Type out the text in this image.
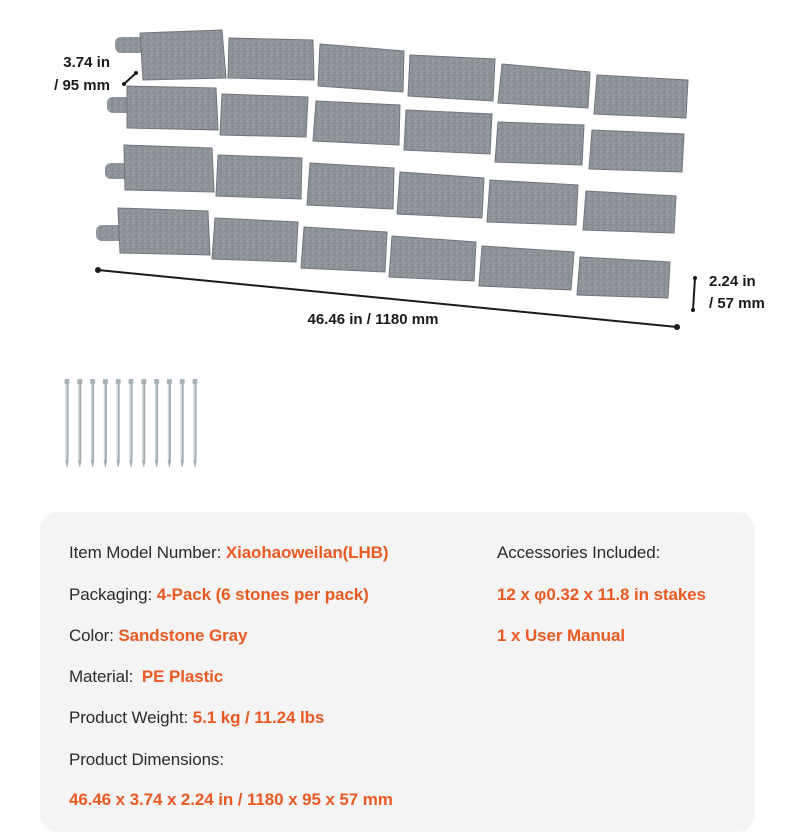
3.74 in
/ 95 mm
2.24 in
/ 57 mm
46.46 in / 1180 mm
Item Model Number: Xiaohaoweilan(LHB)
Packaging: 4-Pack (6 stones per pack)
Color: Sandstone Gray
Material: PE Plastic
Product Weight: 5.1 kg / 11.24 lbs
Product Dimensions:
46.46 x 3.74 x 2.24 in / 1180 x 95 x 57 mm
Accessories Included:
12 x φ0.32 x 11.8 in stakes
1 x User Manual
